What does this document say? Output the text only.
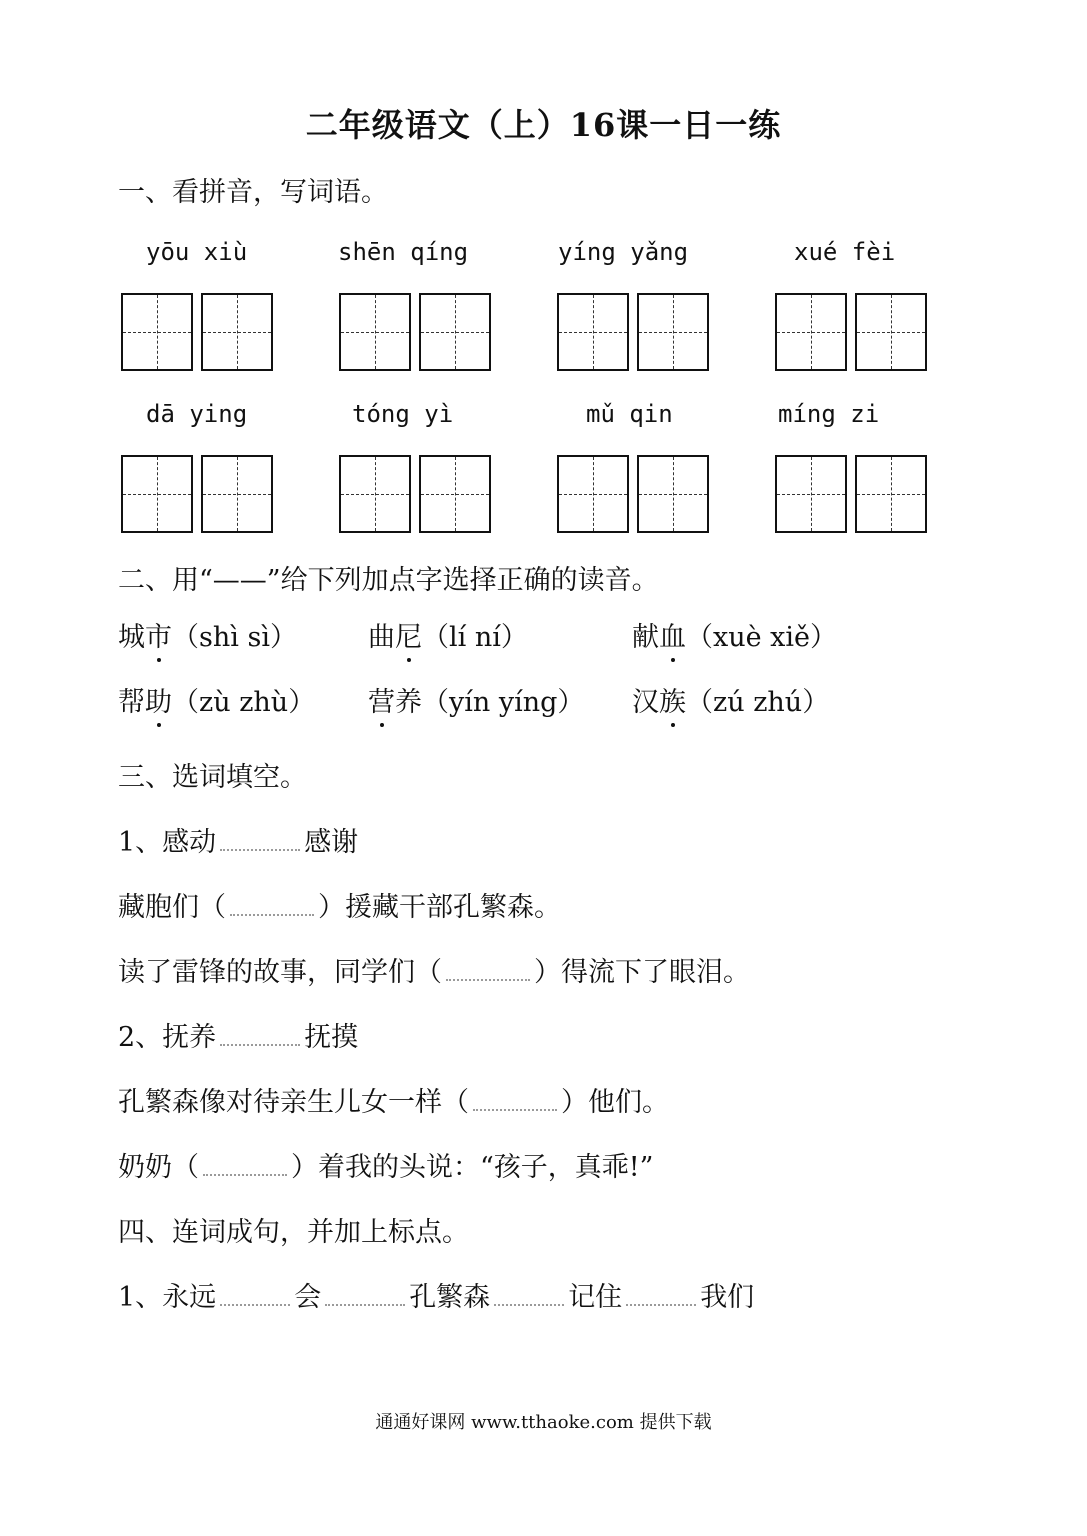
二年级语文（上）16课一日一练
一、看拼音，写词语。
yōu xiù	shēn qíng	yíng yǎng	xué fèi
dā ying	tóng yì	mǔ qin	míng zi
二、用“——”给下列加点字选择正确的读音。
城市（shì sì）	曲尼（lí ní）	献血（xuè xiě）
帮助（zù zhù） 营养（yín yíng） 汉族（zú zhú）
三、选词填空。
1、感动	感谢
藏胞们（	）援藏干部孔繁森。
读了雷锋的故事，同学们（	）得流下了眼泪。
2、抚养	抚摸
孔繁森像对待亲生儿女一样（	）他们。
奶奶（	）着我的头说：“孩子，真乖!”
四、连词成句，并加上标点。
1、永远	会	孔繁森	记住	我们
通通好课网 www.tthaoke.com 提供下载
